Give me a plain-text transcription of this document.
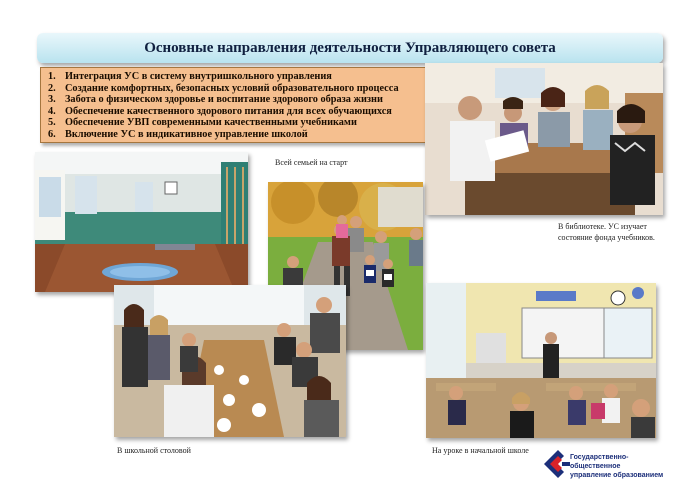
Основные направления деятельности Управляющего совета
1. Интеграция УС в систему внутришкольного управления
2. Создание комфортных, безопасных условий образовательного процесса
3. Забота о физическом здоровье и воспитание здорового образа жизни
4. Обеспечение качественного здорового питания для всех обучающихся
5. Обеспечение УВП современными качественными учебниками
6. Включение УС в индикативное управление школой
Всей семьей на старт
В библиотеке. УС изучает
состояние фонда учебников.
В школьной столовой	На уроке в начальной школе
Государственно-общественное
управление образованием
